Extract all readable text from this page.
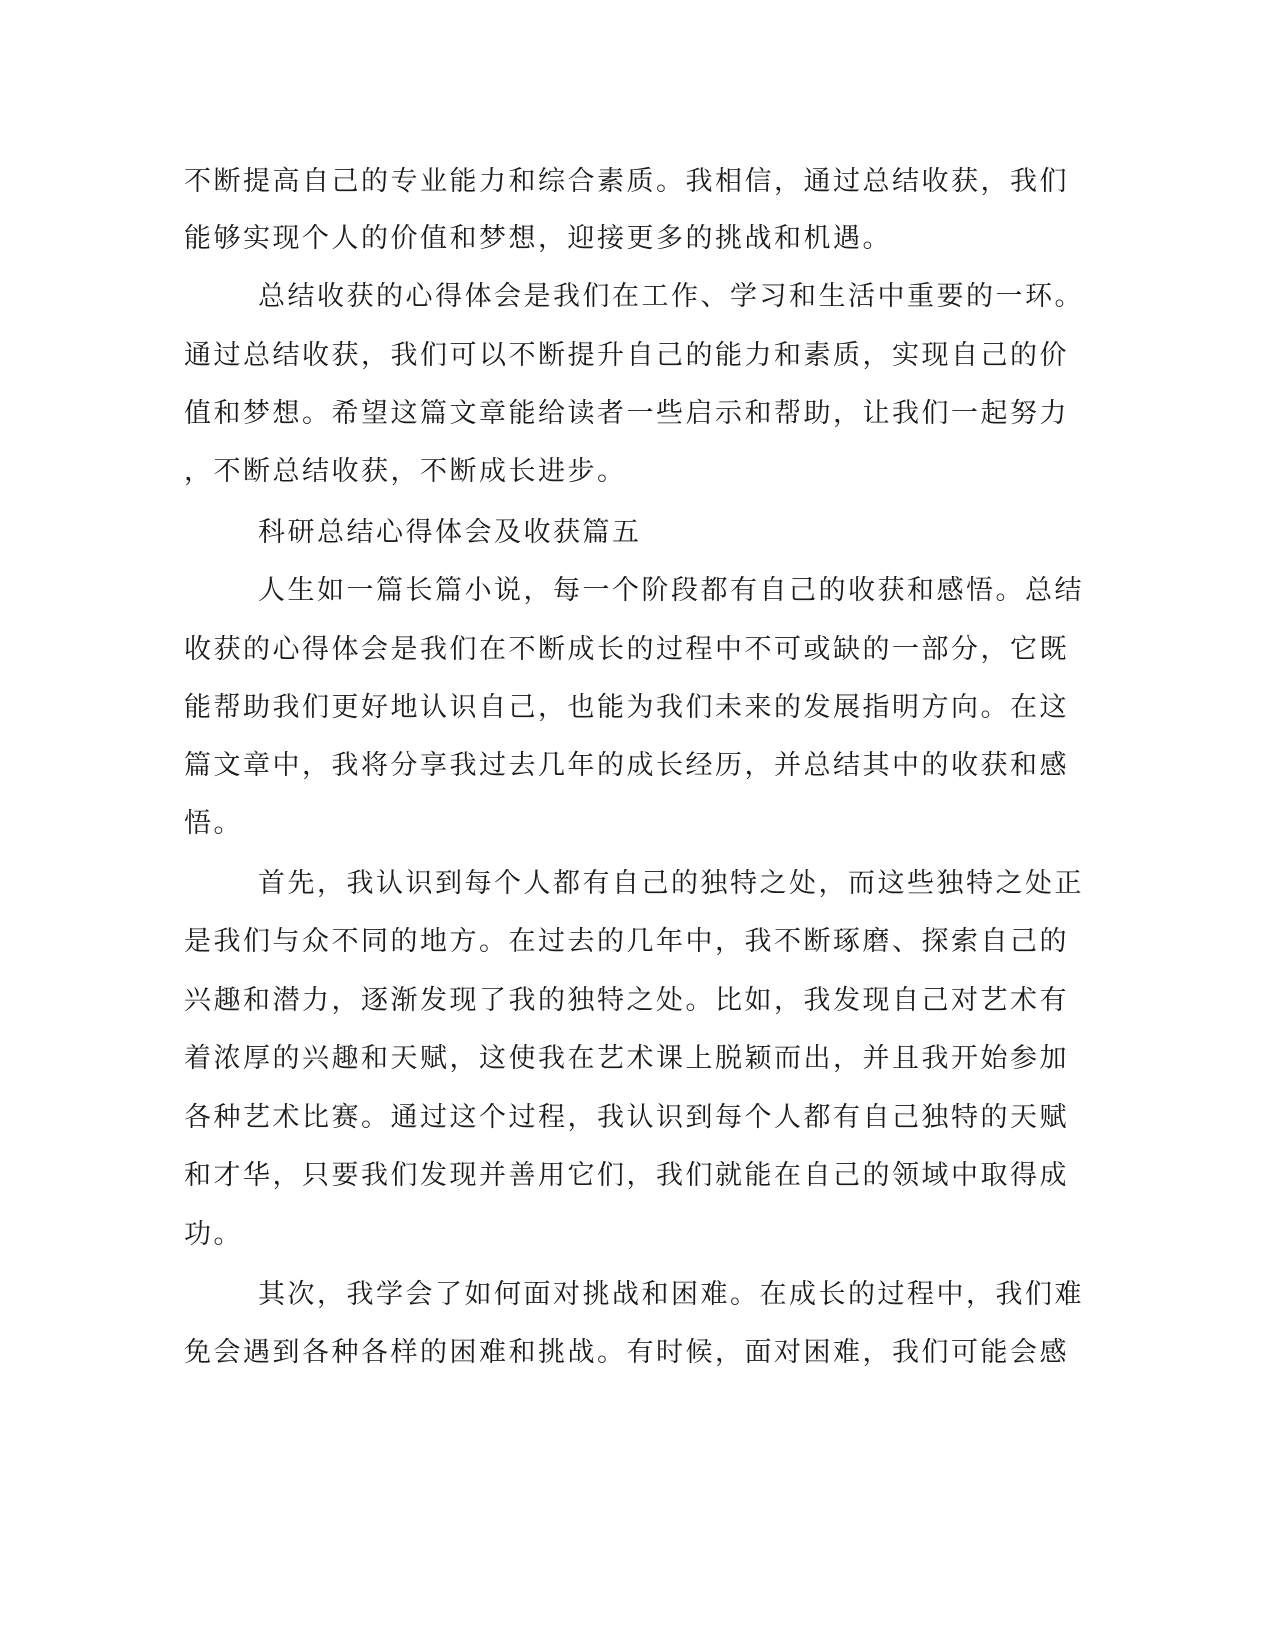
不断提高自己的专业能力和综合素质。我相信，通过总结收获，我们
能够实现个人的价值和梦想，迎接更多的挑战和机遇。
总结收获的心得体会是我们在工作、学习和生活中重要的一环。
通过总结收获，我们可以不断提升自己的能力和素质，实现自己的价
值和梦想。希望这篇文章能给读者一些启示和帮助，让我们一起努力
，不断总结收获，不断成长进步。
科研总结心得体会及收获篇五
人生如一篇长篇小说，每一个阶段都有自己的收获和感悟。总结
收获的心得体会是我们在不断成长的过程中不可或缺的一部分，它既
能帮助我们更好地认识自己，也能为我们未来的发展指明方向。在这
篇文章中，我将分享我过去几年的成长经历，并总结其中的收获和感
悟。
首先，我认识到每个人都有自己的独特之处，而这些独特之处正
是我们与众不同的地方。在过去的几年中，我不断琢磨、探索自己的
兴趣和潜力，逐渐发现了我的独特之处。比如，我发现自己对艺术有
着浓厚的兴趣和天赋，这使我在艺术课上脱颖而出，并且我开始参加
各种艺术比赛。通过这个过程，我认识到每个人都有自己独特的天赋
和才华，只要我们发现并善用它们，我们就能在自己的领域中取得成
功。
其次，我学会了如何面对挑战和困难。在成长的过程中，我们难
免会遇到各种各样的困难和挑战。有时候，面对困难，我们可能会感
